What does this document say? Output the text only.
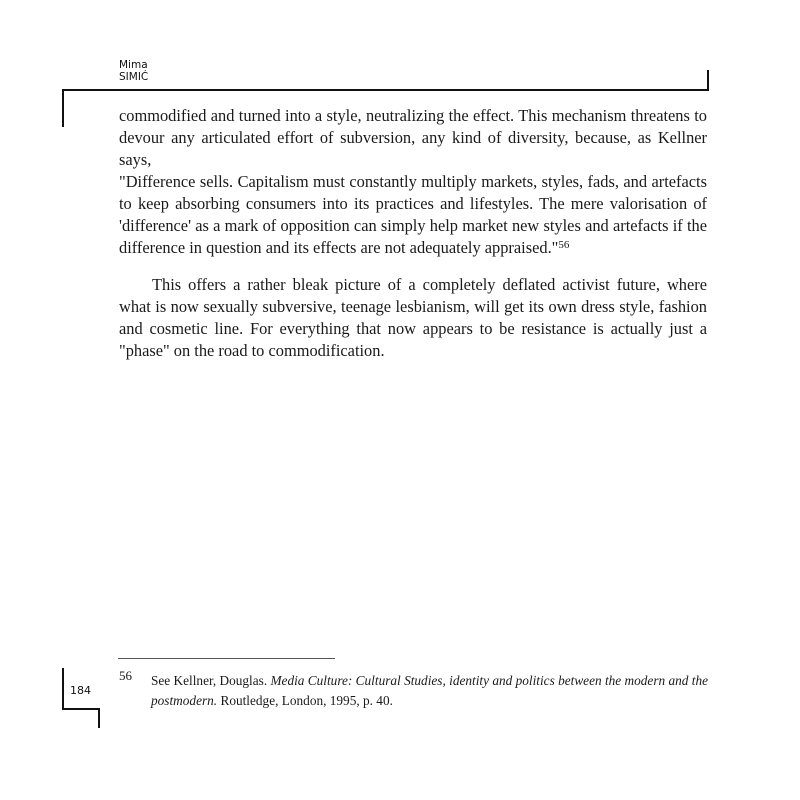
Mima
SIMIĆ

commodified and turned into a style, neutralizing the effect. This mechanism threatens to devour any articulated effort of subversion, any kind of diversity, because, as Kellner says,

"Difference sells. Capitalism must constantly multiply markets, styles, fads, and artefacts to keep absorbing consumers into its practices and lifestyles. The mere valorisation of 'difference' as a mark of opposition can simply help market new styles and artefacts if the difference in question and its effects are not adequately appraised."$^{56}$

This offers a rather bleak picture of a completely deflated activist future, where what is now sexually subversive, teenage lesbianism, will get its own dress style, fashion and cosmetic line. For everything that now appears to be resistance is actually just a "phase" on the road to commodification.

56 See Kellner, Douglas. Media Culture: Cultural Studies, identity and politics between the modern and the postmodern. Routledge, London, 1995, p. 40.
184
